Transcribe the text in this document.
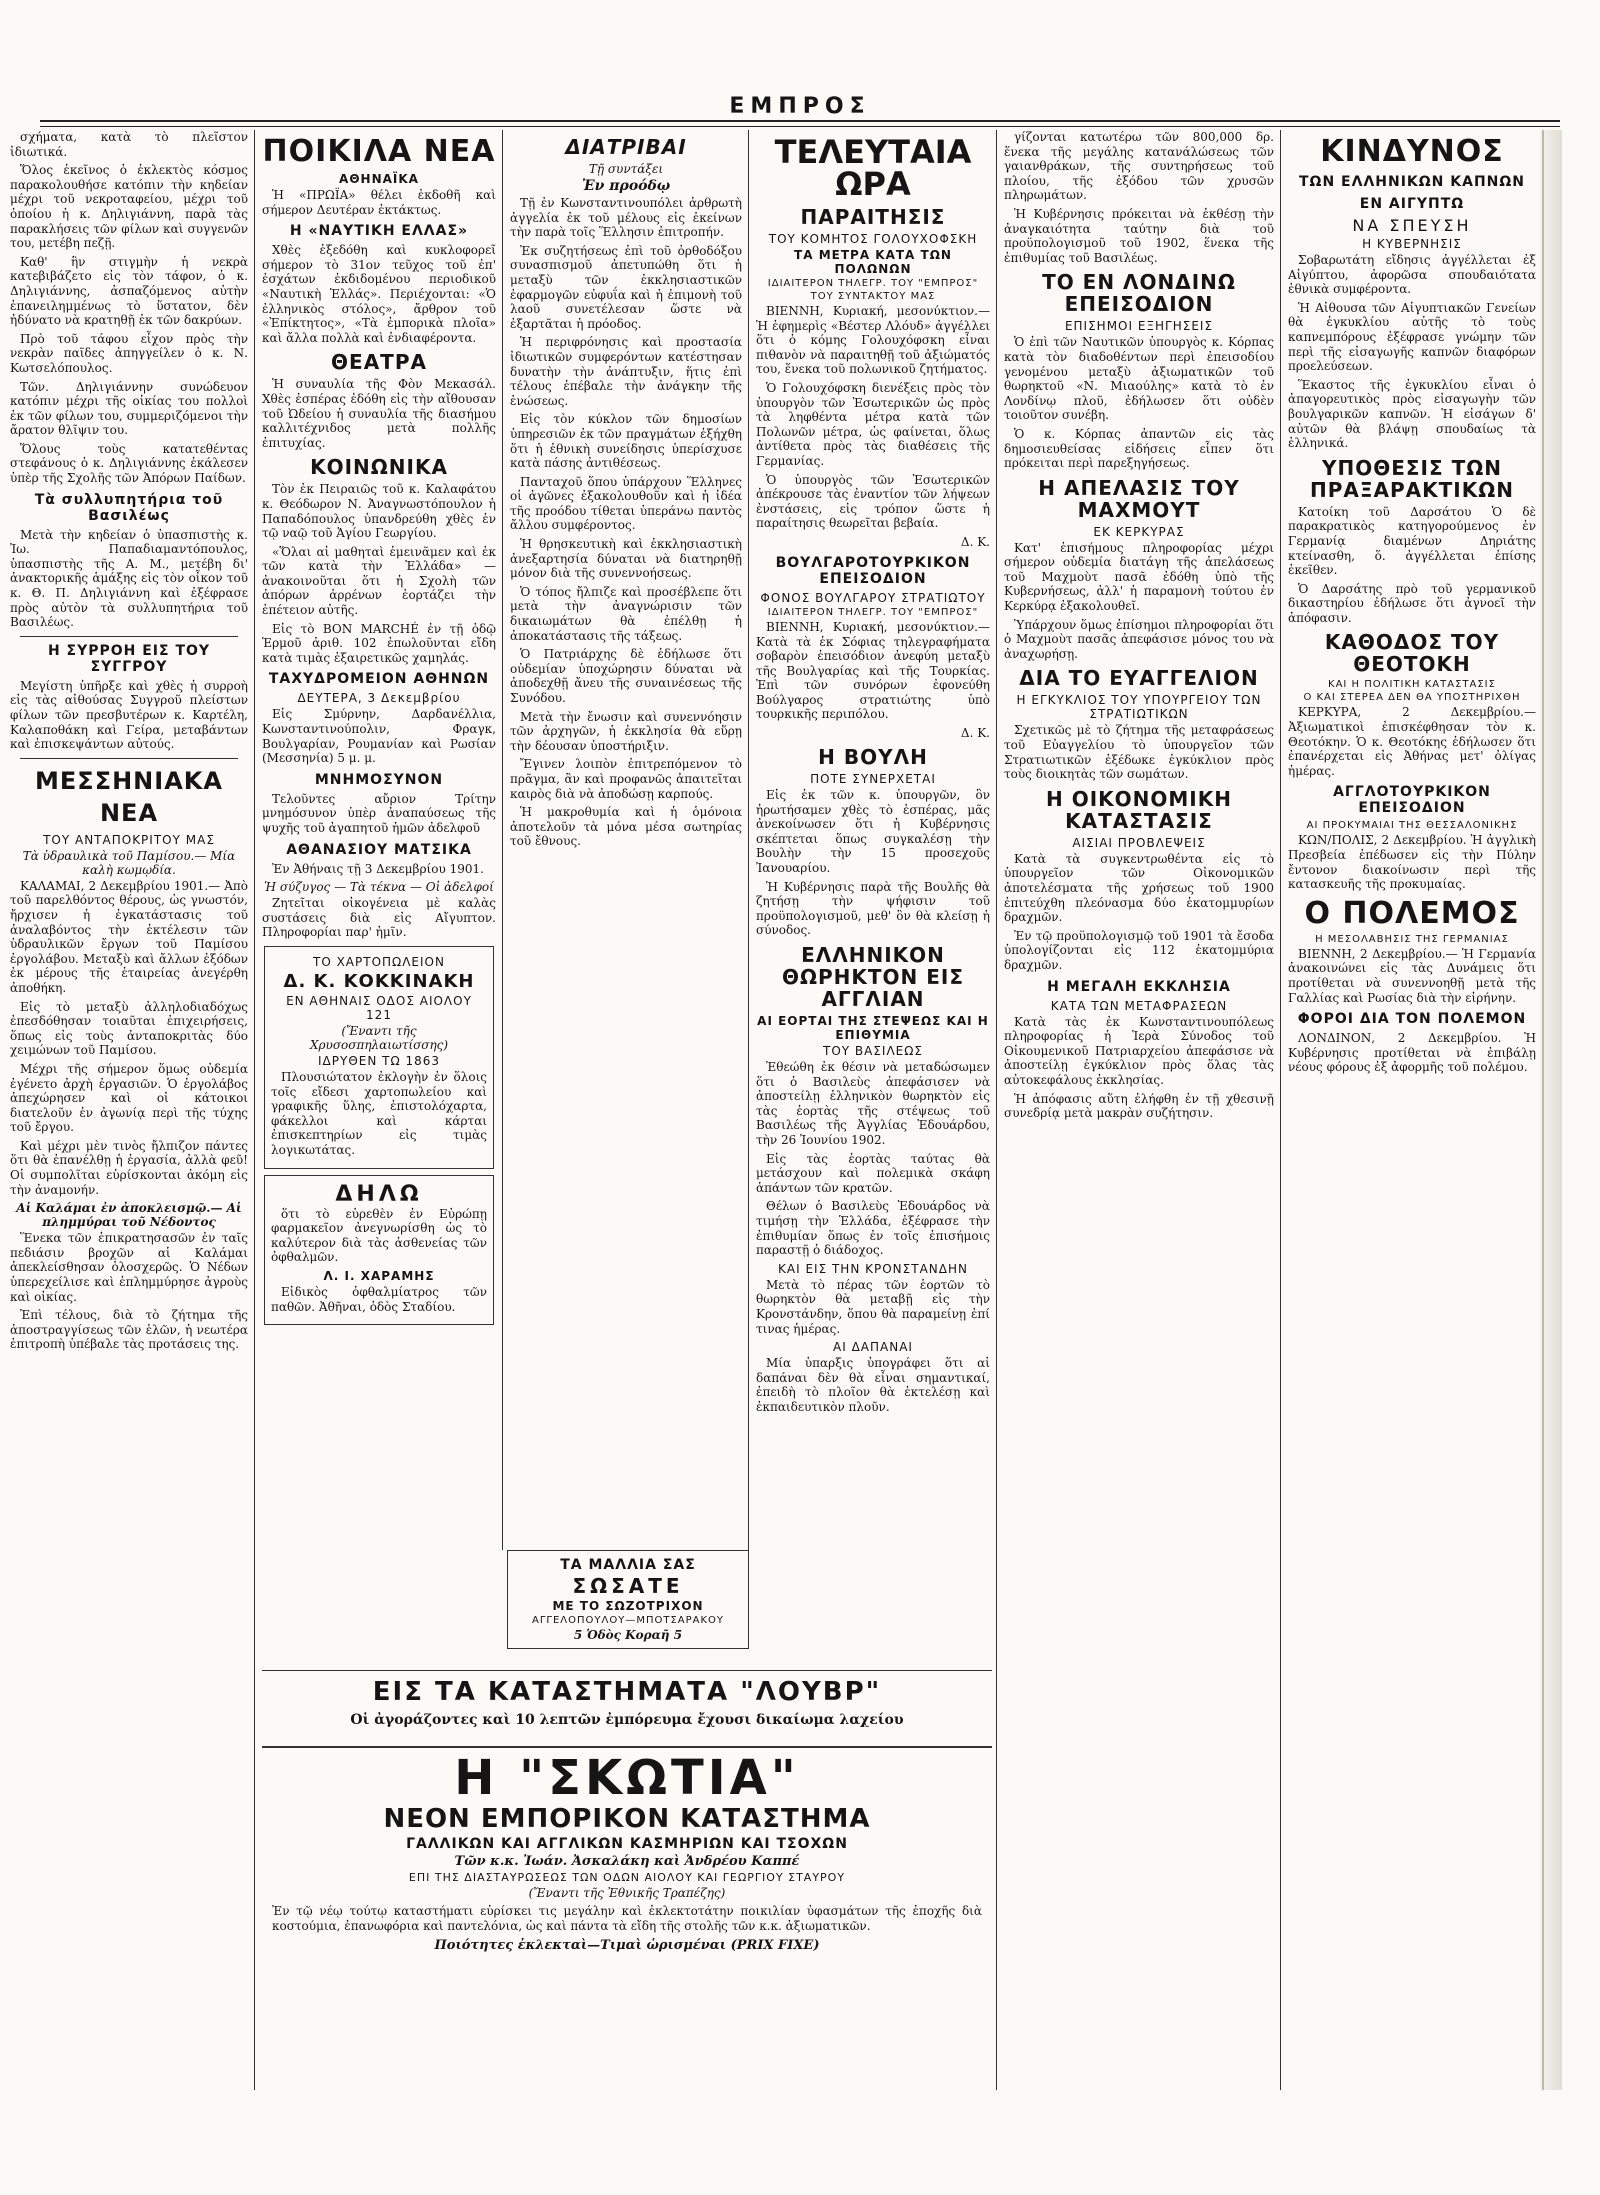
ΕΜΠΡΟΣ

σχήματα, κατὰ τὸ πλεῖστον ἰδιωτικά.

Ὅλος ἐκεῖνος ὁ ἐκλεκτὸς κόσμος παρακολουθήσε κατόπιν τὴν κηδείαν μέχρι τοῦ νεκροταφείου, μέχρι τοῦ ὁποίου ἡ κ. Δηλιγιάννη, παρὰ τὰς παρακλήσεις τῶν φίλων καὶ συγγενῶν του, μετέβη πεζῇ.

Καθ' ἣν στιγμὴν ἡ νεκρὰ κατεβιβάζετο εἰς τὸν τάφον, ὁ κ. Δηλιγιάννης, ἀσπαζόμενος αὐτὴν ἐπανειλημμένως τὸ ὕστατον, δὲν ἠδύνατο νὰ κρατηθῇ ἐκ τῶν δακρύων.

Πρὸ τοῦ τάφου εἶχον πρὸς τὴν νεκρὰν παῖδες ἀπηγγείλεν ὁ κ. Ν. Κωτσελόπουλος.

Τῶν. Δηλιγιάννην συνώδευον κατόπιν μέχρι τῆς οἰκίας του πολλοὶ ἐκ τῶν φίλων του, συμμεριζόμενοι τὴν ἄρατον θλῖψιν του.

Ὅλους τοὺς κατατεθέντας στεφάνους ὁ κ. Δηλιγιάννης ἐκάλεσεν ὑπὲρ τῆς Σχολῆς τῶν Ἀπόρων Παίδων.

Τὰ συλλυπητήρια τοῦ Βασιλέως

Μετὰ τὴν κηδείαν ὁ ὑπασπιστὴς κ. Ἰω. Παπαδιαμαντόπουλος, ὑπασπιστὴς τῆς Α. Μ., μετέβη δι' ἀνακτορικῆς ἁμάξης εἰς τὸν οἶκον τοῦ κ. Θ. Π. Δηλιγιάννη καὶ ἐξέφρασε πρὸς αὐτὸν τὰ συλλυπητήρια τοῦ Βασιλέως.

Η ΣΥΡΡΟΗ ΕΙΣ ΤΟΥ ΣΥΓΓΡΟΥ

Μεγίστη ὑπῆρξε καὶ χθὲς ἡ συρροὴ εἰς τὰς αἰθούσας Συγγροῦ πλείστων φίλων τῶν πρεσβυτέρων κ. Καρτέλη, Καλαποθάκη καὶ Γείρα, μεταβάντων καὶ ἐπισκεψάντων αὐτούς.

ΜΕΣΣΗΝΙΑΚΑ ΝΕΑ
ΤΟΥ ΑΝΤΑΠΟΚΡΙΤΟΥ ΜΑΣ
Τὰ ὑδραυλικὰ τοῦ Παμίσου.— Μία καλὴ κωμῳδία.

ΚΑΛΑΜΑΙ, 2 Δεκεμβρίου 1901.— Ἀπὸ τοῦ παρελθόντος θέρους, ὡς γνωστόν, ἤρχισεν ἡ ἐγκατάστασις τοῦ ἀναλαβόντος τὴν ἐκτέλεσιν τῶν ὑδραυλικῶν ἔργων τοῦ Παμίσου ἐργολάβου. Μεταξὺ καὶ ἄλλων ἐξόδων ἐκ μέρους τῆς ἐταιρείας ἀνεγέρθη ἀποθήκη.

Εἰς τὸ μεταξὺ ἀλληλοδιαδόχως ἐπεσδόθησαν τοιαῦται ἐπιχειρήσεις, ὅπως εἰς τοὺς ἀνταποκριτὰς δύο χειμώνων τοῦ Παμίσου.

Μέχρι τῆς σήμερον ὅμως οὐδεμία ἐγένετο ἀρχὴ ἐργασιῶν. Ὁ ἐργολάβος ἀπεχώρησεν καὶ οἱ κάτοικοι διατελοῦν ἐν ἀγωνίᾳ περὶ τῆς τύχης τοῦ ἔργου.

Καὶ μέχρι μὲν τινὸς ἤλπιζον πάντες ὅτι θὰ ἐπανέλθῃ ἡ ἐργασία, ἀλλὰ φεῦ! Οἱ συμπολῖται εὑρίσκονται ἀκόμη εἰς τὴν ἀναμονήν.

Αἱ Καλάμαι ἐν ἀποκλεισμῷ.— Αἱ πλημμύραι τοῦ Νέδοντος

Ἕνεκα τῶν ἐπικρατησασῶν ἐν ταῖς πεδιάσιν βροχῶν αἱ Καλάμαι ἀπεκλείσθησαν ὁλοσχερῶς. Ὁ Νέδων ὑπερεχείλισε καὶ ἐπλημμύρησε ἀγροὺς καὶ οἰκίας.

Ἐπὶ τέλους, διὰ τὸ ζήτημα τῆς ἀποστραγγίσεως τῶν ἑλῶν, ἡ νεωτέρα ἐπιτροπὴ ὑπέβαλε τὰς προτάσεις της.

ΠΟΙΚΙΛΑ ΝΕΑ
ΑΘΗΝΑΪΚΑ

Ἡ «ΠΡΩΪΑ» θέλει ἐκδοθῆ καὶ σήμερον Δευτέραν ἐκτάκτως.

Η «ΝΑΥΤΙΚΗ ΕΛΛΑΣ»

Χθὲς ἐξεδόθη καὶ κυκλοφορεῖ σήμερον τὸ 31ον τεῦχος τοῦ ἐπ' ἐσχάτων ἐκδιδομένου περιοδικοῦ «Ναυτικὴ Ἑλλάς». Περιέχονται: «Ὁ ἐλληνικὸς στόλος», ἄρθρον τοῦ «Ἐπίκτητος», «Τὰ ἐμπορικὰ πλοῖα» καὶ ἄλλα πολλὰ καὶ ἐνδιαφέροντα.

ΘΕΑΤΡΑ

Ἡ συναυλία τῆς Φὸν Μεκασάλ. Χθὲς ἐσπέρας ἐδόθη εἰς τὴν αἴθουσαν τοῦ Ὠδείου ἡ συναυλία τῆς διασήμου καλλιτέχνιδος μετὰ πολλῆς ἐπιτυχίας.

ΚΟΙΝΩΝΙΚΑ

Τὸν ἐκ Πειραιῶς τοῦ κ. Καλαφάτου κ. Θεόδωρον Ν. Ἀναγνωστόπουλον ἡ Παπαδόπουλος ὑπανδρεύθη χθὲς ἐν τῷ ναῷ τοῦ Ἁγίου Γεωργίου.

«Ὅλαι αἱ μαθηταὶ ἐμεινᾶμεν καὶ ἐκ τῶν κατὰ τὴν Ἐλλάδα» — ἀνακοινοῦται ὅτι ἡ Σχολὴ τῶν ἀπόρων ἀρρένων ἑορτάζει τὴν ἐπέτειον αὐτῆς.

Εἰς τὸ BON MARCHÉ ἐν τῇ ὁδῷ Ἑρμοῦ ἀριθ. 102 ἐπωλοῦνται εἴδη κατὰ τιμὰς ἐξαιρετικῶς χαμηλάς.

ΤΑΧΥΔΡΟΜΕΙΟΝ ΑΘΗΝΩΝ
ΔΕΥΤΕΡΑ, 3 Δεκεμβρίου

Εἰς Σμύρνην, Δαρδανέλλια, Κωνσταντινούπολιν, Φραγκ, Βουλγαρίαν, Ρουμανίαν καὶ Ρωσίαν (Μεσσηνία) 5 μ. μ.

ΜΝΗΜΟΣΥΝΟΝ

Τελοῦντες αὔριον Τρίτην μνημόσυνον ὑπὲρ ἀναπαύσεως τῆς ψυχῆς τοῦ ἀγαπητοῦ ἡμῶν ἀδελφοῦ

ΑΘΑΝΑΣΙΟΥ ΜΑΤΣΙΚΑ

Ἐν Ἀθήναις τῇ 3 Δεκεμβρίου 1901.

Ἡ σύζυγος — Τὰ τέκνα — Οἱ ἀδελφοί

Ζητεῖται οἰκογένεια μὲ καλὰς συστάσεις διὰ εἰς Αἴγυπτον. Πληροφορίαι παρ' ἡμῖν.

ΤΟ ΧΑΡΤΟΠΩΛΕΙΟΝ
Δ. Κ. ΚΟΚΚΙΝΑΚΗ
ΕΝ ΑΘΗΝΑΙΣ ΟΔΟΣ ΑΙΟΛΟΥ 121
(Ἔναντι τῆς Χρυσοσπηλαιωτίσσης)
ΙΔΡΥΘΕΝ ΤΩ 1863

Πλουσιώτατον ἐκλογὴν ἐν ὅλοις τοῖς εἴδεσι χαρτοπωλείου καὶ γραφικῆς ὕλης, ἐπιστολόχαρτα, φάκελλοι καὶ κάρται ἐπισκεπτηρίων εἰς τιμὰς λογικωτάτας.

ΔΗΛΩ

ὅτι τὸ εὑρεθὲν ἐν Εὐρώπῃ φαρμακεῖον ἀνεγνωρίσθη ὡς τὸ καλύτερον διὰ τὰς ἀσθενείας τῶν ὀφθαλμῶν.

Λ. Ι. ΧΑΡΑΜΗΣ

Εἰδικὸς ὀφθαλμίατρος τῶν παθῶν. Ἀθῆναι, ὁδὸς Σταδίου.

ΔΙΑΤΡΙΒΑΙ
Τῇ συντάξει
Ἐν προόδῳ

Τῇ ἐν Κωνσταντινουπόλει ἀρθρωτὴ ἀγγελία ἐκ τοῦ μέλους εἰς ἐκείνων τὴν παρὰ τοῖς Ἕλλησιν ἐπιτροπήν.

Ἐκ συζητήσεως ἐπὶ τοῦ ὀρθοδόξου συνασπισμοῦ ἀπετυπώθη ὅτι ἡ μεταξὺ τῶν ἐκκλησιαστικῶν ἐφαρμογῶν εὐφυΐα καὶ ἡ ἐπιμονὴ τοῦ λαοῦ συνετέλεσαν ὥστε νὰ ἐξαρτᾶται ἡ πρόοδος.

Ἡ περιφρόνησις καὶ προστασία ἰδιωτικῶν συμφερόντων κατέστησαν δυνατὴν τὴν ἀνάπτυξιν, ἥτις ἐπὶ τέλους ἐπέβαλε τὴν ἀνάγκην τῆς ἑνώσεως.

Εἰς τὸν κύκλον τῶν δημοσίων ὑπηρεσιῶν ἐκ τῶν πραγμάτων ἐξήχθη ὅτι ἡ ἐθνικὴ συνείδησις ὑπερίσχυσε κατὰ πάσης ἀντιθέσεως.

Πανταχοῦ ὅπου ὑπάρχουν Ἕλληνες οἱ ἀγῶνες ἐξακολουθοῦν καὶ ἡ ἰδέα τῆς προόδου τίθεται ὑπεράνω παντὸς ἄλλου συμφέροντος.

Ἡ θρησκευτικὴ καὶ ἐκκλησιαστικὴ ἀνεξαρτησία δύναται νὰ διατηρηθῇ μόνον διὰ τῆς συνεννοήσεως.

Ὁ τόπος ἤλπιζε καὶ προσέβλεπε ὅτι μετὰ τὴν ἀναγνώρισιν τῶν δικαιωμάτων θὰ ἐπέλθῃ ἡ ἀποκατάστασις τῆς τάξεως.

Ὁ Πατριάρχης δὲ ἐδήλωσε ὅτι οὐδεμίαν ὑποχώρησιν δύναται νὰ ἀποδεχθῇ ἄνευ τῆς συναινέσεως τῆς Συνόδου.

Μετὰ τὴν ἔνωσιν καὶ συνεννόησιν τῶν ἀρχηγῶν, ἡ ἐκκλησία θὰ εὕρῃ τὴν δέουσαν ὑποστήριξιν.

Ἔγινεν λοιπὸν ἐπιτρεπόμενον τὸ πρᾶγμα, ἂν καὶ προφανῶς ἀπαιτεῖται καιρὸς διὰ νὰ ἀποδώσῃ καρπούς.

Ἡ μακροθυμία καὶ ἡ ὁμόνοια ἀποτελοῦν τὰ μόνα μέσα σωτηρίας τοῦ ἔθνους.

ΤΕΛΕΥΤΑΙΑ ΩΡΑ
ΠΑΡΑΙΤΗΣΙΣ
ΤΟΥ ΚΟΜΗΤΟΣ ΓΟΛΟΥΧΟΦΣΚΗ
ΤΑ ΜΕΤΡΑ ΚΑΤΑ ΤΩΝ ΠΟΛΩΝΩΝ
ΙΔΙΑΙΤΕΡΟΝ ΤΗΛΕΓΡ. ΤΟΥ "ΕΜΠΡΟΣ"
ΤΟΥ ΣΥΝΤΑΚΤΟΥ ΜΑΣ

ΒΙΕΝΝΗ, Κυριακή, μεσονύκτιον.— Ἡ ἐφημερὶς «Βέστερ Λλόυδ» ἀγγέλλει ὅτι ὁ κόμης Γολουχόφσκη εἶναι πιθανὸν νὰ παραιτηθῇ τοῦ ἀξιώματός του, ἕνεκα τοῦ πολωνικοῦ ζητήματος.

Ὁ Γολουχόφσκη διενέξεις πρὸς τὸν ὑπουργὸν τῶν Ἐσωτερικῶν ὡς πρὸς τὰ ληφθέντα μέτρα κατὰ τῶν Πολωνῶν μέτρα, ὡς φαίνεται, ὅλως ἀντίθετα πρὸς τὰς διαθέσεις τῆς Γερμανίας.

Ὁ ὑπουργὸς τῶν Ἐσωτερικῶν ἀπέκρουσε τὰς ἐναντίον τῶν λήψεων ἐνστάσεις, εἰς τρόπον ὥστε ἡ παραίτησις θεωρεῖται βεβαία.

Δ. Κ.
ΒΟΥΛΓΑΡΟΤΟΥΡΚΙΚΟΝ ΕΠΕΙΣΟΔΙΟΝ
ΦΟΝΟΣ ΒΟΥΛΓΑΡΟΥ ΣΤΡΑΤΙΩΤΟΥ
ΙΔΙΑΙΤΕΡΟΝ ΤΗΛΕΓΡ. ΤΟΥ "ΕΜΠΡΟΣ"

ΒΙΕΝΝΗ, Κυριακή, μεσονύκτιον.— Κατὰ τὰ ἐκ Σόφιας τηλεγραφήματα σοβαρὸν ἐπεισόδιον ἀνεφύη μεταξὺ τῆς Βουλγαρίας καὶ τῆς Τουρκίας. Ἐπὶ τῶν συνόρων ἐφονεύθη Βούλγαρος στρατιώτης ὑπὸ τουρκικῆς περιπόλου.

Δ. Κ.
Η ΒΟΥΛΗ
ΠΟΤΕ ΣΥΝΕΡΧΕΤΑΙ

Εἰς ἐκ τῶν κ. ὑπουργῶν, ὃν ἠρωτήσαμεν χθὲς τὸ ἑσπέρας, μᾶς ἀνεκοίνωσεν ὅτι ἡ Κυβέρνησις σκέπτεται ὅπως συγκαλέσῃ τὴν Βουλὴν τὴν 15 προσεχοῦς Ἰανουαρίου.

Ἡ Κυβέρνησις παρὰ τῆς Βουλῆς θὰ ζητήσῃ τὴν ψήφισιν τοῦ προϋπολογισμοῦ, μεθ' ὃν θὰ κλείσῃ ἡ σύνοδος.

ΕΛΛΗΝΙΚΟΝ ΘΩΡΗΚΤΟΝ ΕΙΣ ΑΓΓΛΙΑΝ
ΑΙ ΕΟΡΤΑΙ ΤΗΣ ΣΤΕΨΕΩΣ ΚΑΙ Η ΕΠΙΘΥΜΙΑ
ΤΟΥ ΒΑΣΙΛΕΩΣ

Ἐθεώθη ἐκ θέσιν νὰ μεταδώσωμεν ὅτι ὁ Βασιλεὺς ἀπεφάσισεν νὰ ἀποστείλῃ ἑλληνικὸν θωρηκτὸν εἰς τὰς ἑορτὰς τῆς στέψεως τοῦ Βασιλέως τῆς Ἀγγλίας Ἐδουάρδου, τὴν 26 Ἰουνίου 1902.

Εἰς τὰς ἑορτὰς ταύτας θὰ μετάσχουν καὶ πολεμικὰ σκάφη ἁπάντων τῶν κρατῶν.

Θέλων ὁ Βασιλεὺς Ἐδουάρδος νὰ τιμήσῃ τὴν Ἑλλάδα, ἐξέφρασε τὴν ἐπιθυμίαν ὅπως ἐν τοῖς ἐπισήμοις παραστῇ ὁ διάδοχος.

ΚΑΙ ΕΙΣ ΤΗΝ ΚΡΟΝΣΤΑΝΔΗΝ

Μετὰ τὸ πέρας τῶν ἑορτῶν τὸ θωρηκτὸν θὰ μεταβῇ εἰς τὴν Κρονστάνδην, ὅπου θὰ παραμείνῃ ἐπί τινας ἡμέρας.

ΑΙ ΔΑΠΑΝΑΙ

Μία ὑπαρξις ὑπογράφει ὅτι αἱ δαπάναι δὲν θὰ εἶναι σημαντικαί, ἐπειδὴ τὸ πλοῖον θὰ ἐκτελέσῃ καὶ ἐκπαιδευτικὸν πλοῦν.

γίζονται κατωτέρω τῶν 800,000 δρ. ἕνεκα τῆς μεγάλης κατανάλώσεως τῶν γαιανθράκων, τῆς συντηρήσεως τοῦ πλοίου, τῆς ἐξόδου τῶν χρυσῶν πληρωμάτων.

Ἡ Κυβέρνησις πρόκειται νὰ ἐκθέσῃ τὴν ἀναγκαιότητα ταύτην διὰ τοῦ προϋπολογισμοῦ τοῦ 1902, ἕνεκα τῆς ἐπιθυμίας τοῦ Βασιλέως.

ΤΟ ΕΝ ΛΟΝΔΙΝΩ ΕΠΕΙΣΟΔΙΟΝ
ΕΠΙΣΗΜΟΙ ΕΞΗΓΗΣΕΙΣ

Ὁ ἐπὶ τῶν Ναυτικῶν ὑπουργὸς κ. Κόρπας κατὰ τὸν διαδοθέντων περὶ ἐπεισοδίου γενομένου μεταξὺ ἀξιωματικῶν τοῦ θωρηκτοῦ «Ν. Μιαούλης» κατὰ τὸ ἐν Λονδίνῳ πλοῦ, ἐδήλωσεν ὅτι οὐδὲν τοιοῦτον συνέβη.

Ὁ κ. Κόρπας ἀπαντῶν εἰς τὰς δημοσιευθείσας εἰδήσεις εἶπεν ὅτι πρόκειται περὶ παρεξηγήσεως.

Η ΑΠΕΛΑΣΙΣ ΤΟΥ ΜΑΧΜΟΥΤ
ΕΚ ΚΕΡΚΥΡΑΣ

Κατ' ἐπισήμους πληροφορίας μέχρι σήμερον οὐδεμία διατάγη τῆς ἀπελάσεως τοῦ Μαχμοὺτ πασᾶ ἐδόθη ὑπὸ τῆς Κυβερνήσεως, ἀλλ' ἡ παραμονὴ τούτου ἐν Κερκύρᾳ ἐξακολουθεῖ.

Ὑπάρχουν ὅμως ἐπίσημοι πληροφορίαι ὅτι ὁ Μαχμοὺτ πασᾶς ἀπεφάσισε μόνος του νὰ ἀναχωρήσῃ.

ΔΙΑ ΤΟ ΕΥΑΓΓΕΛΙΟΝ
Η ΕΓΚΥΚΛΙΟΣ ΤΟΥ ΥΠΟΥΡΓΕΙΟΥ ΤΩΝ ΣΤΡΑΤΙΩΤΙΚΩΝ

Σχετικῶς μὲ τὸ ζήτημα τῆς μεταφράσεως τοῦ Εὐαγγελίου τὸ ὑπουργεῖον τῶν Στρατιωτικῶν ἐξέδωκε ἐγκύκλιον πρὸς τοὺς διοικητὰς τῶν σωμάτων.

Η ΟΙΚΟΝΟΜΙΚΗ ΚΑΤΑΣΤΑΣΙΣ
ΑΙΣΙΑΙ ΠΡΟΒΛΕΨΕΙΣ

Κατὰ τὰ συγκεντρωθέντα εἰς τὸ ὑπουργεῖον τῶν Οἰκονομικῶν ἀποτελέσματα τῆς χρήσεως τοῦ 1900 ἐπιτεύχθη πλεόνασμα δύο ἑκατομμυρίων δραχμῶν.

Ἐν τῷ προϋπολογισμῷ τοῦ 1901 τὰ ἔσοδα ὑπολογίζονται εἰς 112 ἑκατομμύρια δραχμῶν.

Η ΜΕΓΑΛΗ ΕΚΚΛΗΣΙΑ
ΚΑΤΑ ΤΩΝ ΜΕΤΑΦΡΑΣΕΩΝ

Κατὰ τὰς ἐκ Κωνσταντινουπόλεως πληροφορίας ἡ Ἱερὰ Σύνοδος τοῦ Οἰκουμενικοῦ Πατριαρχείου ἀπεφάσισε νὰ ἀποστείλῃ ἐγκύκλιον πρὸς ὅλας τὰς αὐτοκεφάλους ἐκκλησίας.

Ἡ ἀπόφασις αὕτη ἐλήφθη ἐν τῇ χθεσινῇ συνεδρίᾳ μετὰ μακρὰν συζήτησιν.

ΚΙΝΔΥΝΟΣ
ΤΩΝ ΕΛΛΗΝΙΚΩΝ ΚΑΠΝΩΝ
ΕΝ ΑΙΓΥΠΤΩ
ΝΑ ΣΠΕΥΣΗ
Η ΚΥΒΕΡΝΗΣΙΣ

Σοβαρωτάτη εἴδησις ἀγγέλλεται ἐξ Αἰγύπτου, ἀφορῶσα σπουδαιότατα ἐθνικὰ συμφέροντα.

Ἡ Αἰθουσα τῶν Αἰγυπτιακῶν Γενείων θὰ ἐγκυκλίου αὐτῆς τὸ τοὺς καπνεμπόρους ἐξέφρασε γνώμην τῶν περὶ τῆς εἰσαγωγῆς καπνῶν διαφόρων προελεύσεων.

Ἕκαστος τῆς ἐγκυκλίου εἶναι ὁ ἀπαγορευτικὸς πρὸς εἰσαγωγὴν τῶν βουλγαρικῶν καπνῶν. Ἡ εἰσάγων δ' αὐτῶν θὰ βλάψῃ σπουδαίως τὰ ἑλληνικά.

ΥΠΟΘΕΣΙΣ ΤΩΝ ΠΡΑΞΑΡΑΚΤΙΚΩΝ

Κατοίκη τοῦ Δαρσάτου Ὁ δὲ παρακρατικὸς κατηγορούμενος ἐν Γερμανίᾳ διαμένων Δηριάτης κτείνασθη, ὅ. ἀγγέλλεται ἐπίσης ἐκεῖθεν.

Ὁ Δαρσάτης πρὸ τοῦ γερμανικοῦ δικαστηρίου ἐδήλωσε ὅτι ἀγνοεῖ τὴν ἀπόφασιν.

ΚΑΘΟΔΟΣ ΤΟΥ ΘΕΟΤΟΚΗ
ΚΑΙ Η ΠΟΛΙΤΙΚΗ ΚΑΤΑΣΤΑΣΙΣ
Ο ΚΑΙ ΣΤΕΡΕΑ ΔΕΝ ΘΑ ΥΠΟΣΤΗΡΙΧΘΗ

ΚΕΡΚΥΡΑ, 2 Δεκεμβρίου.— Ἀξιωματικοὶ ἐπισκέφθησαν τὸν κ. Θεοτόκην. Ὁ κ. Θεοτόκης ἐδήλωσεν ὅτι ἐπανέρχεται εἰς Ἀθήνας μετ' ὀλίγας ἡμέρας.

ΑΓΓΛΟΤΟΥΡΚΙΚΟΝ ΕΠΕΙΣΟΔΙΟΝ
ΑΙ ΠΡΟΚΥΜΑΙΑΙ ΤΗΣ ΘΕΣΣΑΛΟΝΙΚΗΣ

ΚΩΝ/ΠΟΛΙΣ, 2 Δεκεμβρίου. Ἡ ἀγγλικὴ Πρεσβεία ἐπέδωσεν εἰς τὴν Πύλην ἔντονον διακοίνωσιν περὶ τῆς κατασκευῆς τῆς προκυμαίας.

Ο ΠΟΛΕΜΟΣ
Η ΜΕΣΟΛΑΒΗΣΙΣ ΤΗΣ ΓΕΡΜΑΝΙΑΣ

ΒΙΕΝΝΗ, 2 Δεκεμβρίου.— Ἡ Γερμανία ἀνακοινώνει εἰς τὰς Δυνάμεις ὅτι προτίθεται νὰ συνεννοηθῇ μετὰ τῆς Γαλλίας καὶ Ρωσίας διὰ τὴν εἰρήνην.

ΦΟΡΟΙ ΔΙΑ ΤΟΝ ΠΟΛΕΜΟΝ

ΛΟΝΔΙΝΟΝ, 2 Δεκεμβρίου. Ἡ Κυβέρνησις προτίθεται νὰ ἐπιβάλῃ νέους φόρους ἐξ ἀφορμῆς τοῦ πολέμου.

ΤΑ ΜΑΛΛΙΑ ΣΑΣ
ΣΩΣΑΤΕ
ΜΕ ΤΟ ΣΩΖΟΤΡΙΧΟΝ
ΑΓΓΕΛΟΠΟΥΛΟΥ—ΜΠΟΤΣΑΡΑΚΟΥ
5 Ὁδὸς Κοραῆ 5
ΕΙΣ ΤΑ ΚΑΤΑΣΤΗΜΑΤΑ "ΛΟΥΒΡ"
Οἱ ἀγοράζοντες καὶ 10 λεπτῶν ἐμπόρευμα ἔχουσι δικαίωμα λαχείου
Η "ΣΚΩΤΙΑ"
ΝΕΟΝ ΕΜΠΟΡΙΚΟΝ ΚΑΤΑΣΤΗΜΑ
ΓΑΛΛΙΚΩΝ ΚΑΙ ΑΓΓΛΙΚΩΝ ΚΑΣΜΗΡΙΩΝ ΚΑΙ ΤΣΟΧΩΝ
Τῶν κ.κ. Ἰωάν. Ἀσκαλάκη καὶ Ἀνδρέου Καππέ
ΕΠΙ ΤΗΣ ΔΙΑΣΤΑΥΡΩΣΕΩΣ ΤΩΝ ΟΔΩΝ ΑΙΟΛΟΥ ΚΑΙ ΓΕΩΡΓΙΟΥ ΣΤΑΥΡΟΥ
(Ἔναντι τῆς Ἐθνικῆς Τραπέζης)

Ἐν τῷ νέῳ τούτῳ καταστήματι εὑρίσκει τις μεγάλην καὶ ἐκλεκτοτάτην ποικιλίαν ὑφασμάτων τῆς ἐποχῆς διὰ κοστούμια, ἐπανωφόρια καὶ παντελόνια, ὡς καὶ πάντα τὰ εἴδη τῆς στολῆς τῶν κ.κ. ἀξιωματικῶν.

Ποιότητες ἐκλεκταὶ—Τιμαὶ ὡρισμέναι (PRIX FIXE)
